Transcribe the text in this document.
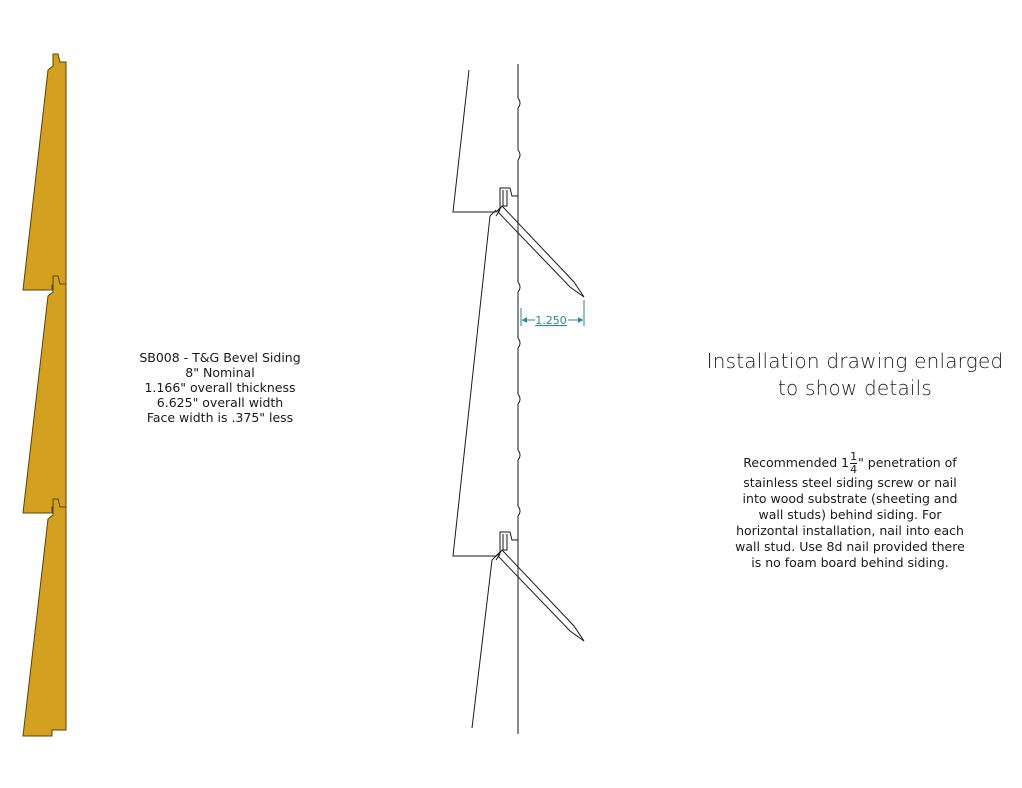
1.250
SB008 - T&G Bevel Siding
8" Nominal
1.166" overall thickness
6.625" overall width
Face width is .375" less
Installation drawing enlarged
to show details
Recommended $1 \frac{1}{4}$ " penetration of
stainless steel siding screw or nail
into wood substrate (sheeting and
wall studs) behind siding. For
horizontal installation, nail into each
wall stud. Use 8d nail provided there
is no foam board behind siding.
